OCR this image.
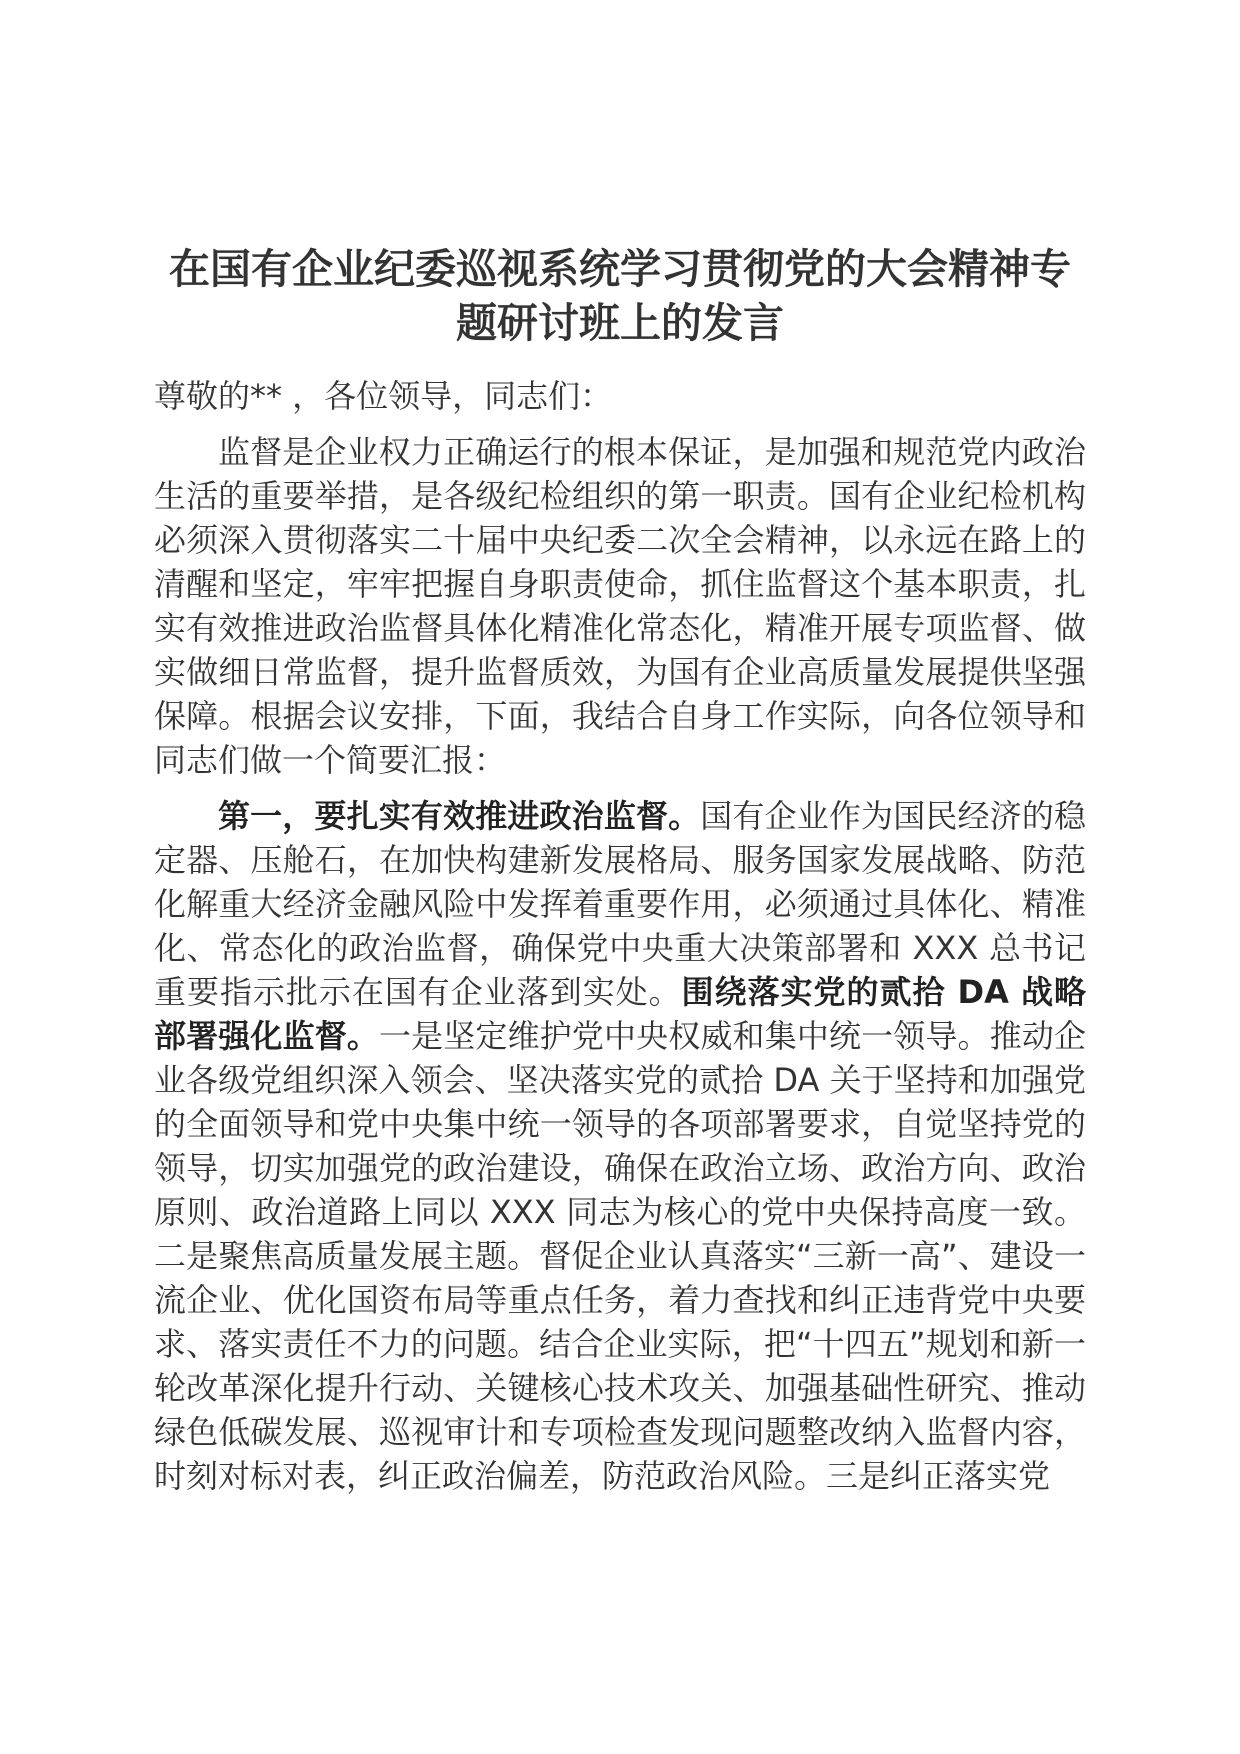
在国有企业纪委巡视系统学习贯彻党的大会精神专题研讨班上的发言

尊敬的** ，各位领导，同志们：

监督是企业权力正确运行的根本保证，是加强和规范党内政治生活的重要举措，是各级纪检组织的第一职责。国有企业纪检机构必须深入贯彻落实二十届中央纪委二次全会精神，以永远在路上的清醒和坚定，牢牢把握自身职责使命，抓住监督这个基本职责，扎实有效推进政治监督具体化精准化常态化，精准开展专项监督、做实做细日常监督，提升监督质效，为国有企业高质量发展提供坚强保障。根据会议安排，下面，我结合自身工作实际，向各位领导和同志们做一个简要汇报：

第一，要扎实有效推进政治监督。国有企业作为国民经济的稳定器、压舱石，在加快构建新发展格局、服务国家发展战略、防范化解重大经济金融风险中发挥着重要作用，必须通过具体化、精准化、常态化的政治监督，确保党中央重大决策部署和 XXX 总书记重要指示批示在国有企业落到实处。围绕落实党的贰拾 DA 战略部署强化监督。一是坚定维护党中央权威和集中统一领导。推动企业各级党组织深入领会、坚决落实党的贰拾 DA 关于坚持和加强党的全面领导和党中央集中统一领导的各项部署要求，自觉坚持党的领导，切实加强党的政治建设，确保在政治立场、政治方向、政治原则、政治道路上同以 XXX 同志为核心的党中央保持高度一致。二是聚焦高质量发展主题。督促企业认真落实“三新一高”、建设一流企业、优化国资布局等重点任务，着力查找和纠正违背党中央要求、落实责任不力的问题。结合企业实际，把“十四五”规划和新一轮改革深化提升行动、关键核心技术攻关、加强基础性研究、推动绿色低碳发展、巡视审计和专项检查发现问题整改纳入监督内容，时刻对标对表，纠正政治偏差，防范政治风险。三是纠正落实党
